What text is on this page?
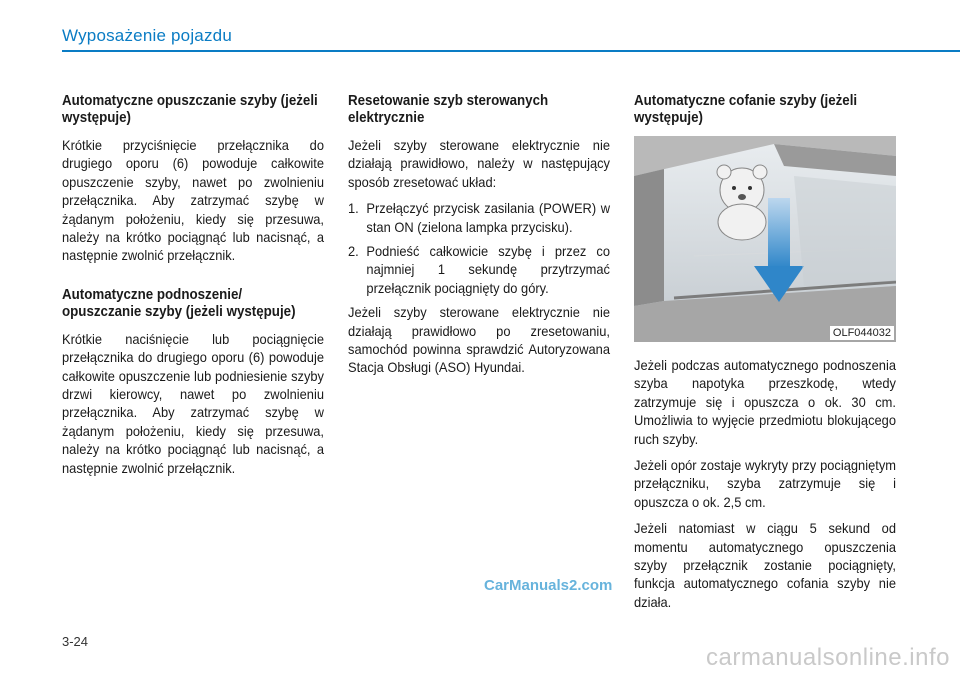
Wyposażenie pojazdu
Automatyczne opuszczanie szyby (jeżeli występuje)
Krótkie przyciśnięcie przełącznika do drugiego oporu (6) powoduje całkowite opuszczenie szyby, nawet po zwolnieniu przełącznika. Aby zatrzymać szybę w żądanym położeniu, kiedy się przesuwa, należy na krótko pociągnąć lub nacisnąć, a następnie zwolnić przełącznik.
Automatyczne podnoszenie/ opuszczanie szyby (jeżeli występuje)
Krótkie naciśnięcie lub pociągnięcie przełącznika do drugiego oporu (6) powoduje całkowite opuszczenie lub podniesienie szyby drzwi kierowcy, nawet po zwolnieniu przełącznika. Aby zatrzymać szybę w żądanym położeniu, kiedy się przesuwa, należy na krótko pociągnąć lub nacisnąć, a następnie zwolnić przełącznik.
Resetowanie szyb sterowanych elektrycznie
Jeżeli szyby sterowane elektrycznie nie działają prawidłowo, należy w następujący sposób zresetować układ:
1. Przełączyć przycisk zasilania (POWER) w stan ON (zielona lampka przycisku).
2. Podnieść całkowicie szybę i przez co najmniej 1 sekundę przytrzymać przełącznik pociągnięty do góry.
Jeżeli szyby sterowane elektrycznie nie działają prawidłowo po zresetowaniu, samochód powinna sprawdzić Autoryzowana Stacja Obsługi (ASO) Hyundai.
Automatyczne cofanie szyby (jeżeli występuje)
OLF044032
Jeżeli podczas automatycznego podnoszenia szyba napotyka przeszkodę, wtedy zatrzymuje się i opuszcza o ok. 30 cm. Umożliwia to wyjęcie przedmiotu blokującego ruch szyby.
Jeżeli opór zostaje wykryty przy pociągniętym przełączniku, szyba zatrzymuje się i opuszcza o ok. 2,5 cm.
Jeżeli natomiast w ciągu 5 sekund od momentu automatycznego opuszczenia szyby przełącznik zostanie pociągnięty, funkcja automatycznego cofania szyby nie działa.
CarManuals2.com
3-24
carmanualsonline.info
